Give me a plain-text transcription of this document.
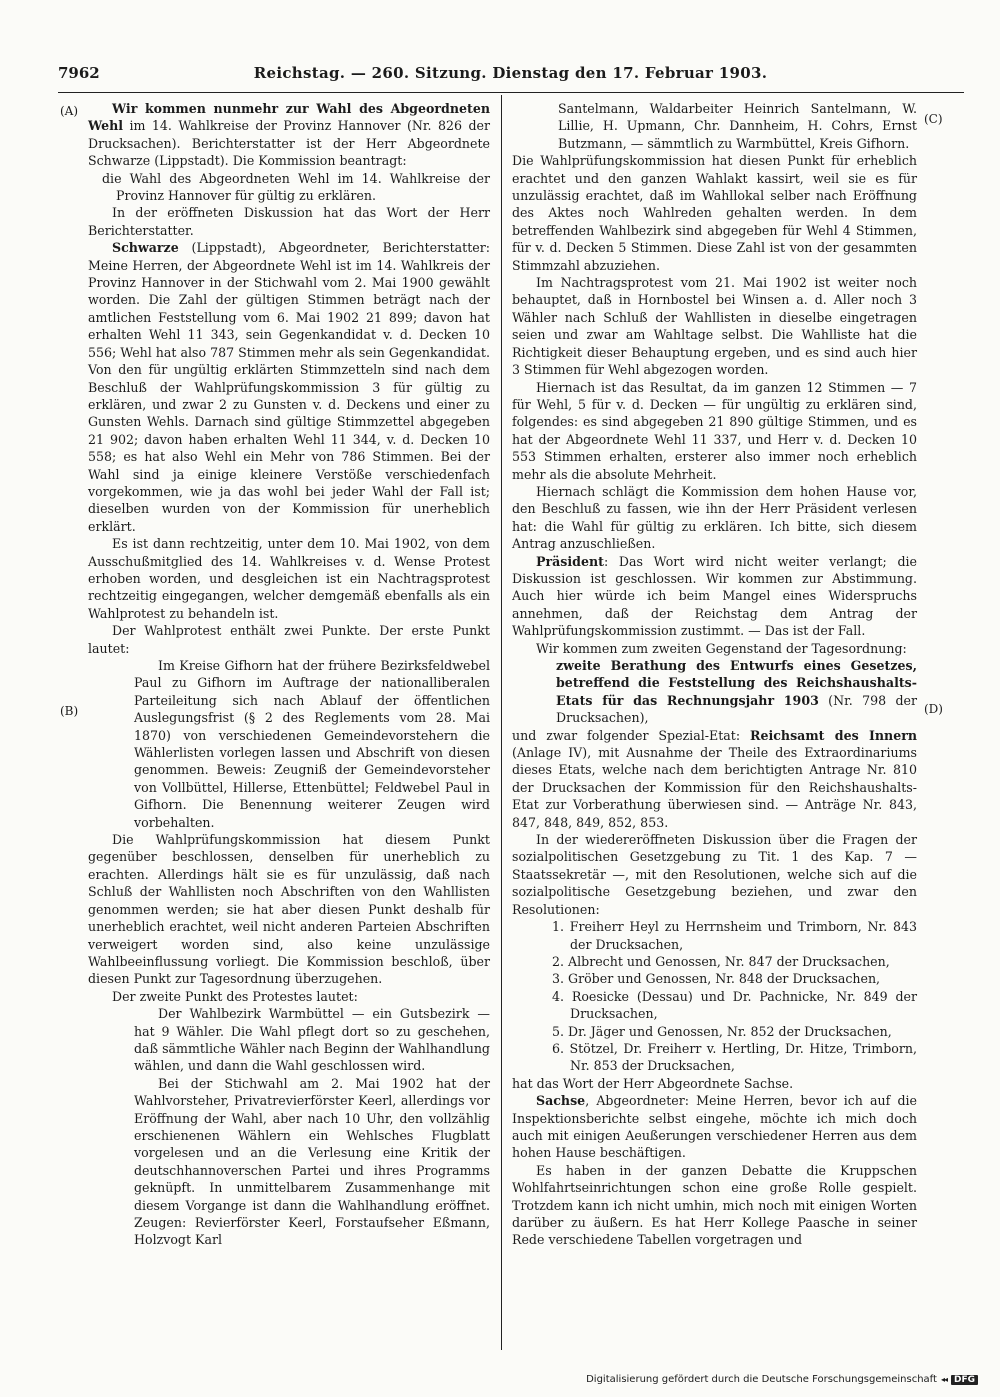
7962	Reichstag. — 260. Sitzung. Dienstag den 17. Februar 1903.
(A)
(B)
(C)
(D)

Wir kommen nunmehr zur Wahl des Abgeordneten Wehl im 14. Wahlkreise der Provinz Hannover (Nr. 826 der Drucksachen). Berichterstatter ist der Herr Abgeordnete Schwarze (Lippstadt). Die Kommission beantragt:

die Wahl des Abgeordneten Wehl im 14. Wahlkreise der Provinz Hannover für gültig zu erklären.

In der eröffneten Diskussion hat das Wort der Herr Berichterstatter.

Schwarze (Lippstadt), Abgeordneter, Berichterstatter: Meine Herren, der Abgeordnete Wehl ist im 14. Wahlkreis der Provinz Hannover in der Stichwahl vom 2. Mai 1900 gewählt worden. Die Zahl der gültigen Stimmen beträgt nach der amtlichen Feststellung vom 6. Mai 1902 21 899; davon hat erhalten Wehl 11 343, sein Gegenkandidat v. d. Decken 10 556; Wehl hat also 787 Stimmen mehr als sein Gegenkandidat. Von den für ungültig erklärten Stimmzetteln sind nach dem Beschluß der Wahlprüfungskommission 3 für gültig zu erklären, und zwar 2 zu Gunsten v. d. Deckens und einer zu Gunsten Wehls. Darnach sind gültige Stimmzettel abgegeben 21 902; davon haben erhalten Wehl 11 344, v. d. Decken 10 558; es hat also Wehl ein Mehr von 786 Stimmen. Bei der Wahl sind ja einige kleinere Verstöße verschiedenfach vorgekommen, wie ja das wohl bei jeder Wahl der Fall ist; dieselben wurden von der Kommission für unerheblich erklärt.

Es ist dann rechtzeitig, unter dem 10. Mai 1902, von dem Ausschußmitglied des 14. Wahlkreises v. d. Wense Protest erhoben worden, und desgleichen ist ein Nachtragsprotest rechtzeitig eingegangen, welcher demgemäß ebenfalls als ein Wahlprotest zu behandeln ist.

Der Wahlprotest enthält zwei Punkte. Der erste Punkt lautet:

Im Kreise Gifhorn hat der frühere Bezirksfeldwebel Paul zu Gifhorn im Auftrage der nationalliberalen Parteileitung sich nach Ablauf der öffentlichen Auslegungsfrist (§ 2 des Reglements vom 28. Mai 1870) von verschiedenen Gemeindevorstehern die Wählerlisten vorlegen lassen und Abschrift von diesen genommen. Beweis: Zeugniß der Gemeindevorsteher von Vollbüttel, Hillerse, Ettenbüttel; Feldwebel Paul in Gifhorn. Die Benennung weiterer Zeugen wird vorbehalten.

Die Wahlprüfungskommission hat diesem Punkt gegenüber beschlossen, denselben für unerheblich zu erachten. Allerdings hält sie es für unzulässig, daß nach Schluß der Wahllisten noch Abschriften von den Wahllisten genommen werden; sie hat aber diesen Punkt deshalb für unerheblich erachtet, weil nicht anderen Parteien Abschriften verweigert worden sind, also keine unzulässige Wahlbeeinflussung vorliegt. Die Kommission beschloß, über diesen Punkt zur Tagesordnung überzugehen.

Der zweite Punkt des Protestes lautet:

Der Wahlbezirk Warmbüttel — ein Gutsbezirk — hat 9 Wähler. Die Wahl pflegt dort so zu geschehen, daß sämmtliche Wähler nach Beginn der Wahlhandlung wählen, und dann die Wahl geschlossen wird.

Bei der Stichwahl am 2. Mai 1902 hat der Wahlvorsteher, Privatrevierförster Keerl, allerdings vor Eröffnung der Wahl, aber nach 10 Uhr, den vollzählig erschienenen Wählern ein Wehlsches Flugblatt vorgelesen und an die Verlesung eine Kritik der deutschhannoverschen Partei und ihres Programms geknüpft. In unmittelbarem Zusammenhange mit diesem Vorgange ist dann die Wahlhandlung eröffnet. Zeugen: Revierförster Keerl, Forstaufseher Eßmann, Holzvogt Karl

Santelmann, Waldarbeiter Heinrich Santelmann, W. Lillie, H. Upmann, Chr. Dannheim, H. Cohrs, Ernst Butzmann, — sämmtlich zu Warmbüttel, Kreis Gifhorn.

Die Wahlprüfungskommission hat diesen Punkt für erheblich erachtet und den ganzen Wahlakt kassirt, weil sie es für unzulässig erachtet, daß im Wahllokal selber nach Eröffnung des Aktes noch Wahlreden gehalten werden. In dem betreffenden Wahlbezirk sind abgegeben für Wehl 4 Stimmen, für v. d. Decken 5 Stimmen. Diese Zahl ist von der gesammten Stimmzahl abzuziehen.

Im Nachtragsprotest vom 21. Mai 1902 ist weiter noch behauptet, daß in Hornbostel bei Winsen a. d. Aller noch 3 Wähler nach Schluß der Wahllisten in dieselbe eingetragen seien und zwar am Wahltage selbst. Die Wahlliste hat die Richtigkeit dieser Behauptung ergeben, und es sind auch hier 3 Stimmen für Wehl abgezogen worden.

Hiernach ist das Resultat, da im ganzen 12 Stimmen — 7 für Wehl, 5 für v. d. Decken — für ungültig zu erklären sind, folgendes: es sind abgegeben 21 890 gültige Stimmen, und es hat der Abgeordnete Wehl 11 337, und Herr v. d. Decken 10 553 Stimmen erhalten, ersterer also immer noch erheblich mehr als die absolute Mehrheit.

Hiernach schlägt die Kommission dem hohen Hause vor, den Beschluß zu fassen, wie ihn der Herr Präsident verlesen hat: die Wahl für gültig zu erklären. Ich bitte, sich diesem Antrag anzuschließen.

Präsident: Das Wort wird nicht weiter verlangt; die Diskussion ist geschlossen. Wir kommen zur Abstimmung. Auch hier würde ich beim Mangel eines Widerspruchs annehmen, daß der Reichstag dem Antrag der Wahlprüfungskommission zustimmt. — Das ist der Fall.

Wir kommen zum zweiten Gegenstand der Tagesordnung:

zweite Berathung des Entwurfs eines Gesetzes, betreffend die Feststellung des Reichshaushalts-Etats für das Rechnungsjahr 1903 (Nr. 798 der Drucksachen),

und zwar folgender Spezial-Etat: Reichsamt des Innern (Anlage IV), mit Ausnahme der Theile des Extraordinariums dieses Etats, welche nach dem berichtigten Antrage Nr. 810 der Drucksachen der Kommission für den Reichshaushalts-Etat zur Vorberathung überwiesen sind. — Anträge Nr. 843, 847, 848, 849, 852, 853.

In der wiedereröffneten Diskussion über die Fragen der sozialpolitischen Gesetzgebung zu Tit. 1 des Kap. 7 — Staatssekretär —, mit den Resolutionen, welche sich auf die sozialpolitische Gesetzgebung beziehen, und zwar den Resolutionen:

1. Freiherr Heyl zu Herrnsheim und Trimborn, Nr. 843 der Drucksachen,
2. Albrecht und Genossen, Nr. 847 der Drucksachen,
3. Gröber und Genossen, Nr. 848 der Drucksachen,
4. Roesicke (Dessau) und Dr. Pachnicke, Nr. 849 der Drucksachen,
5. Dr. Jäger und Genossen, Nr. 852 der Drucksachen,
6. Stötzel, Dr. Freiherr v. Hertling, Dr. Hitze, Trimborn, Nr. 853 der Drucksachen,

hat das Wort der Herr Abgeordnete Sachse.

Sachse, Abgeordneter: Meine Herren, bevor ich auf die Inspektionsberichte selbst eingehe, möchte ich mich doch auch mit einigen Aeußerungen verschiedener Herren aus dem hohen Hause beschäftigen.

Es haben in der ganzen Debatte die Kruppschen Wohlfahrtseinrichtungen schon eine große Rolle gespielt. Trotzdem kann ich nicht umhin, mich noch mit einigen Worten darüber zu äußern. Es hat Herr Kollege Paasche in seiner Rede verschiedene Tabellen vorgetragen und

Digitalisierung gefördert durch die Deutsche Forschungsgemeinschaft ◂◂ DFG
